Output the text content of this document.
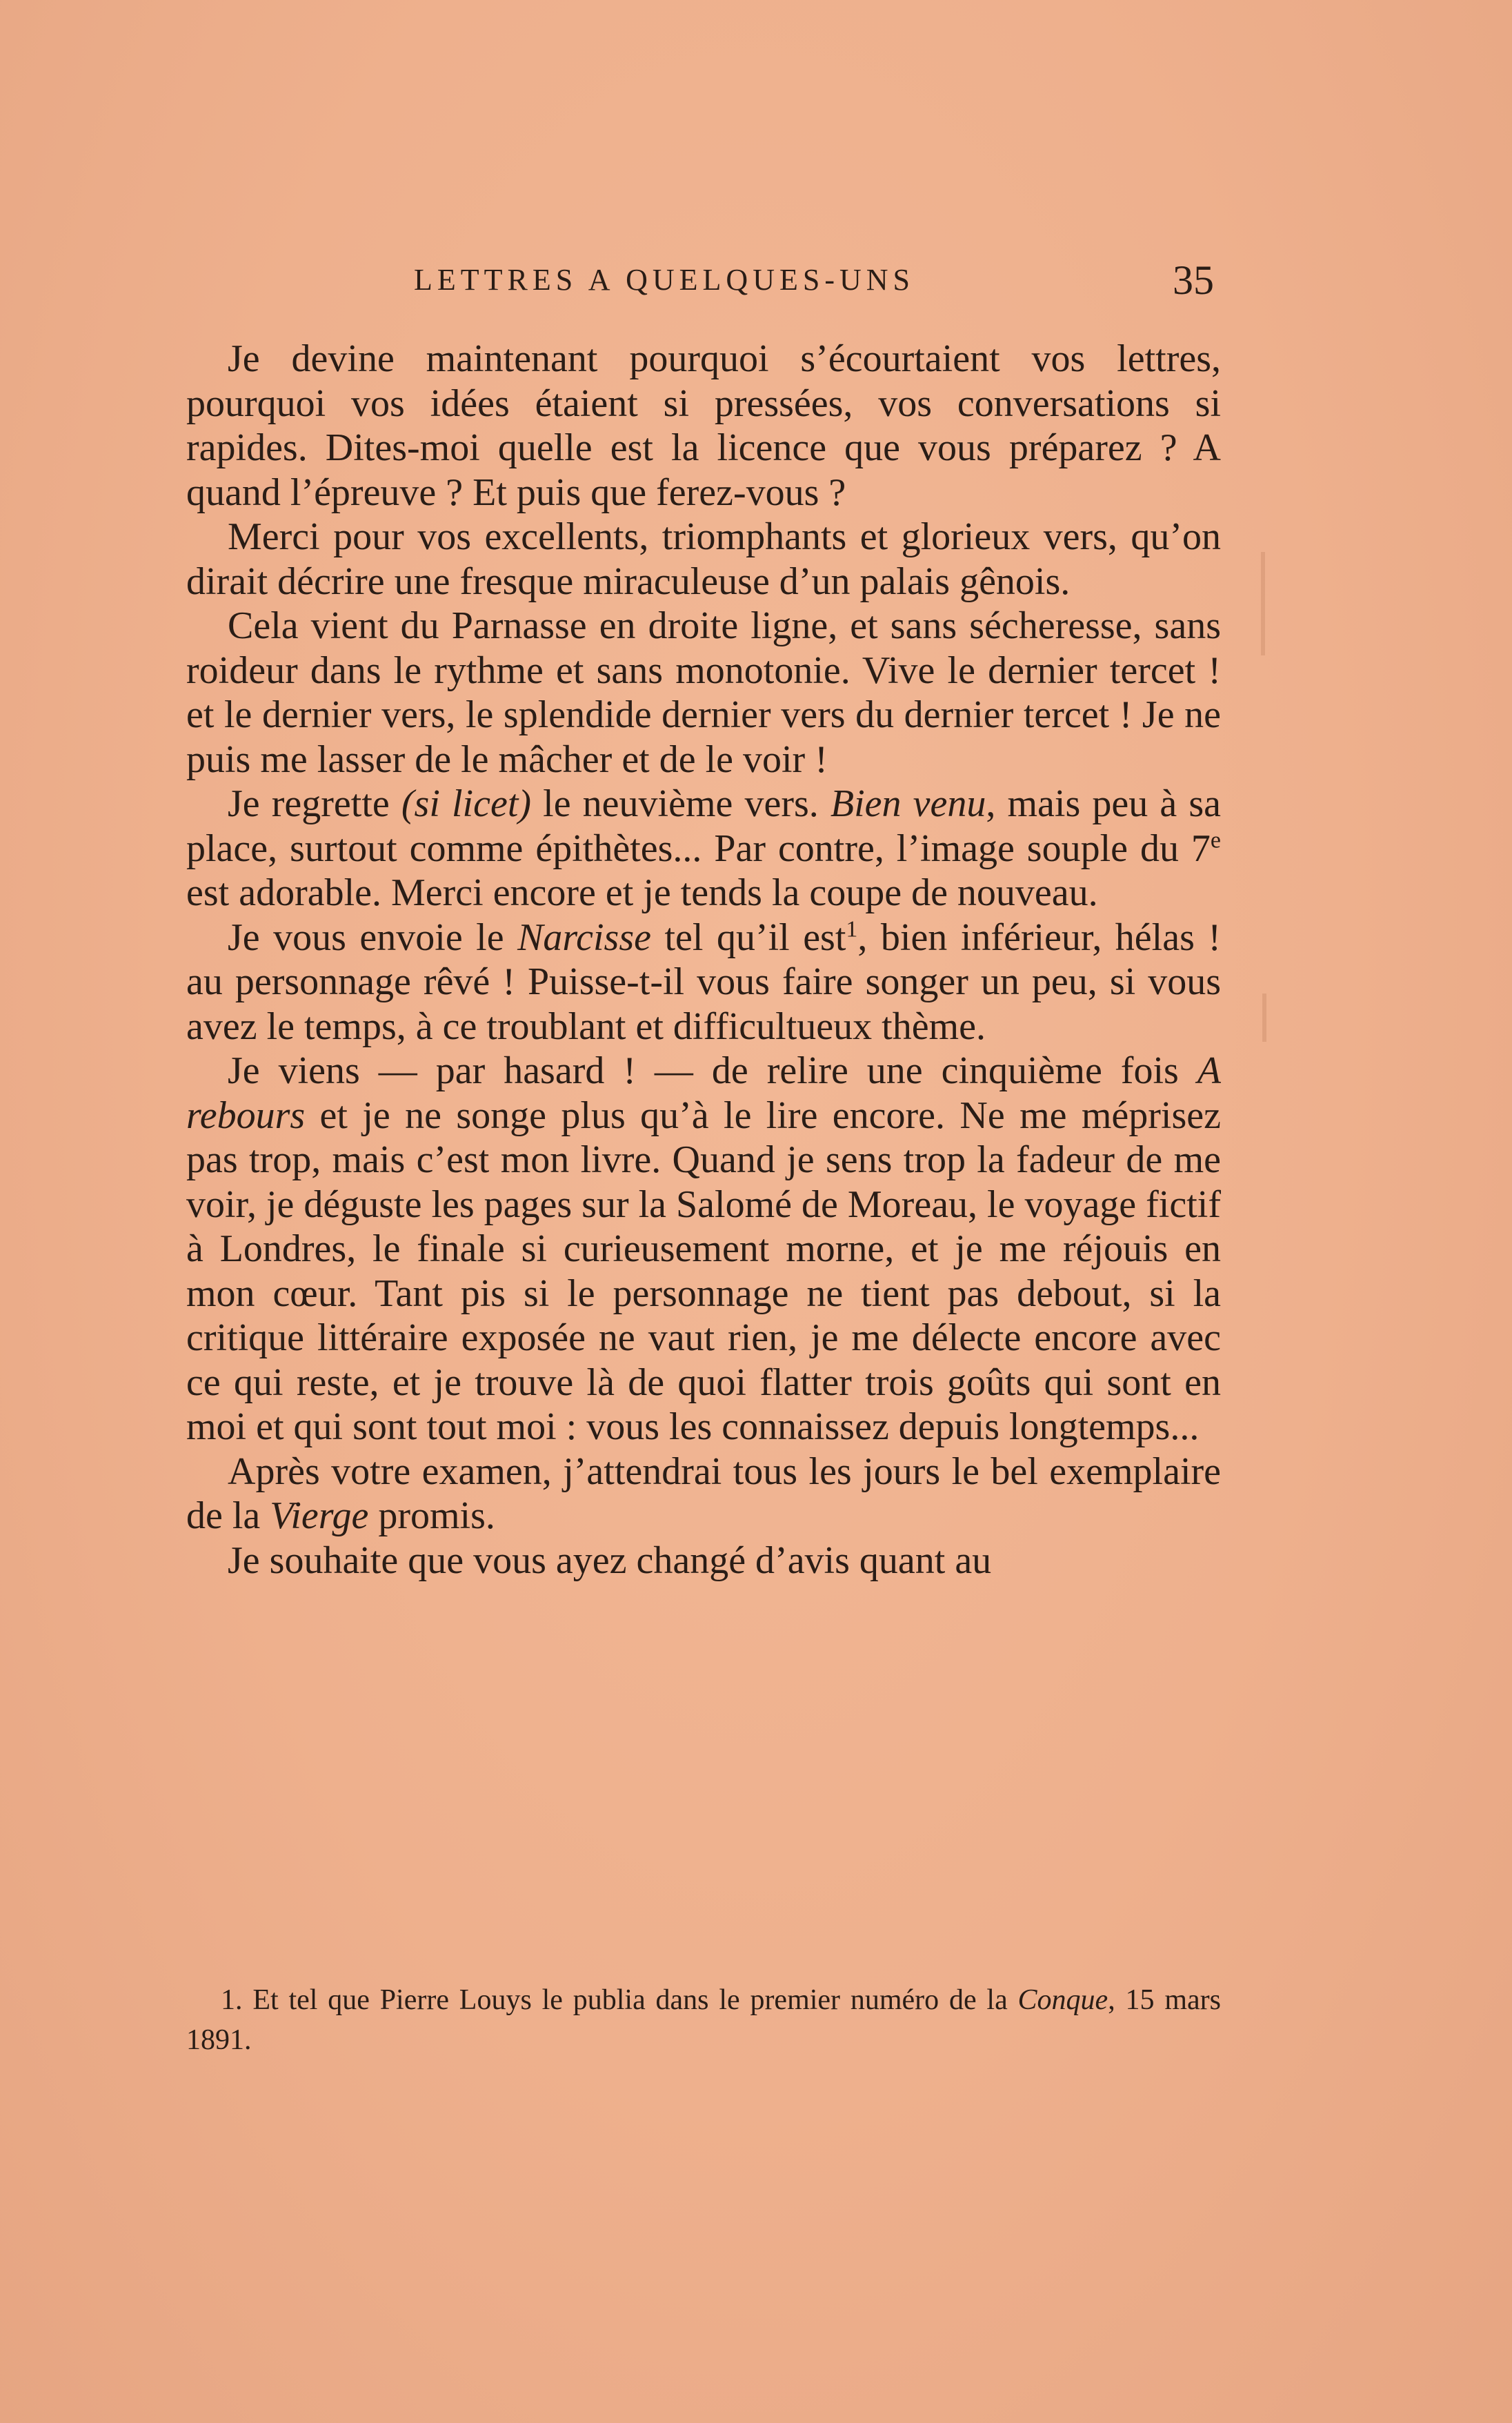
LETTRES A QUELQUES-UNS	35

Je devine maintenant pourquoi s’écourtaient vos lettres, pourquoi vos idées étaient si pressées, vos conversations si rapides. Dites-moi quelle est la licence que vous préparez ? A quand l’épreuve ? Et puis que ferez-vous ?

Merci pour vos excellents, triomphants et glorieux vers, qu’on dirait décrire une fresque miraculeuse d’un palais gênois.

Cela vient du Parnasse en droite ligne, et sans sécheresse, sans roideur dans le rythme et sans monotonie. Vive le dernier tercet ! et le dernier vers, le splendide dernier vers du dernier tercet ! Je ne puis me lasser de le mâcher et de le voir !

Je regrette (si licet) le neuvième vers. Bien venu, mais peu à sa place, surtout comme épithètes... Par contre, l’image souple du 7e est adorable. Merci encore et je tends la coupe de nouveau.

Je vous envoie le Narcisse tel qu’il est$^1$, bien inférieur, hélas ! au personnage rêvé ! Puisse-t-il vous faire songer un peu, si vous avez le temps, à ce troublant et difficultueux thème.

Je viens — par hasard ! — de relire une cinquième fois A rebours et je ne songe plus qu’à le lire encore. Ne me méprisez pas trop, mais c’est mon livre. Quand je sens trop la fadeur de me voir, je déguste les pages sur la Salomé de Moreau, le voyage fictif à Londres, le finale si curieusement morne, et je me réjouis en mon cœur. Tant pis si le personnage ne tient pas debout, si la critique littéraire exposée ne vaut rien, je me délecte encore avec ce qui reste, et je trouve là de quoi flatter trois goûts qui sont en moi et qui sont tout moi : vous les connaissez depuis longtemps...

Après votre examen, j’attendrai tous les jours le bel exemplaire de la Vierge promis.

Je souhaite que vous ayez changé d’avis quant au

1. Et tel que Pierre Louys le publia dans le premier numéro de la Conque, 15 mars 1891.
